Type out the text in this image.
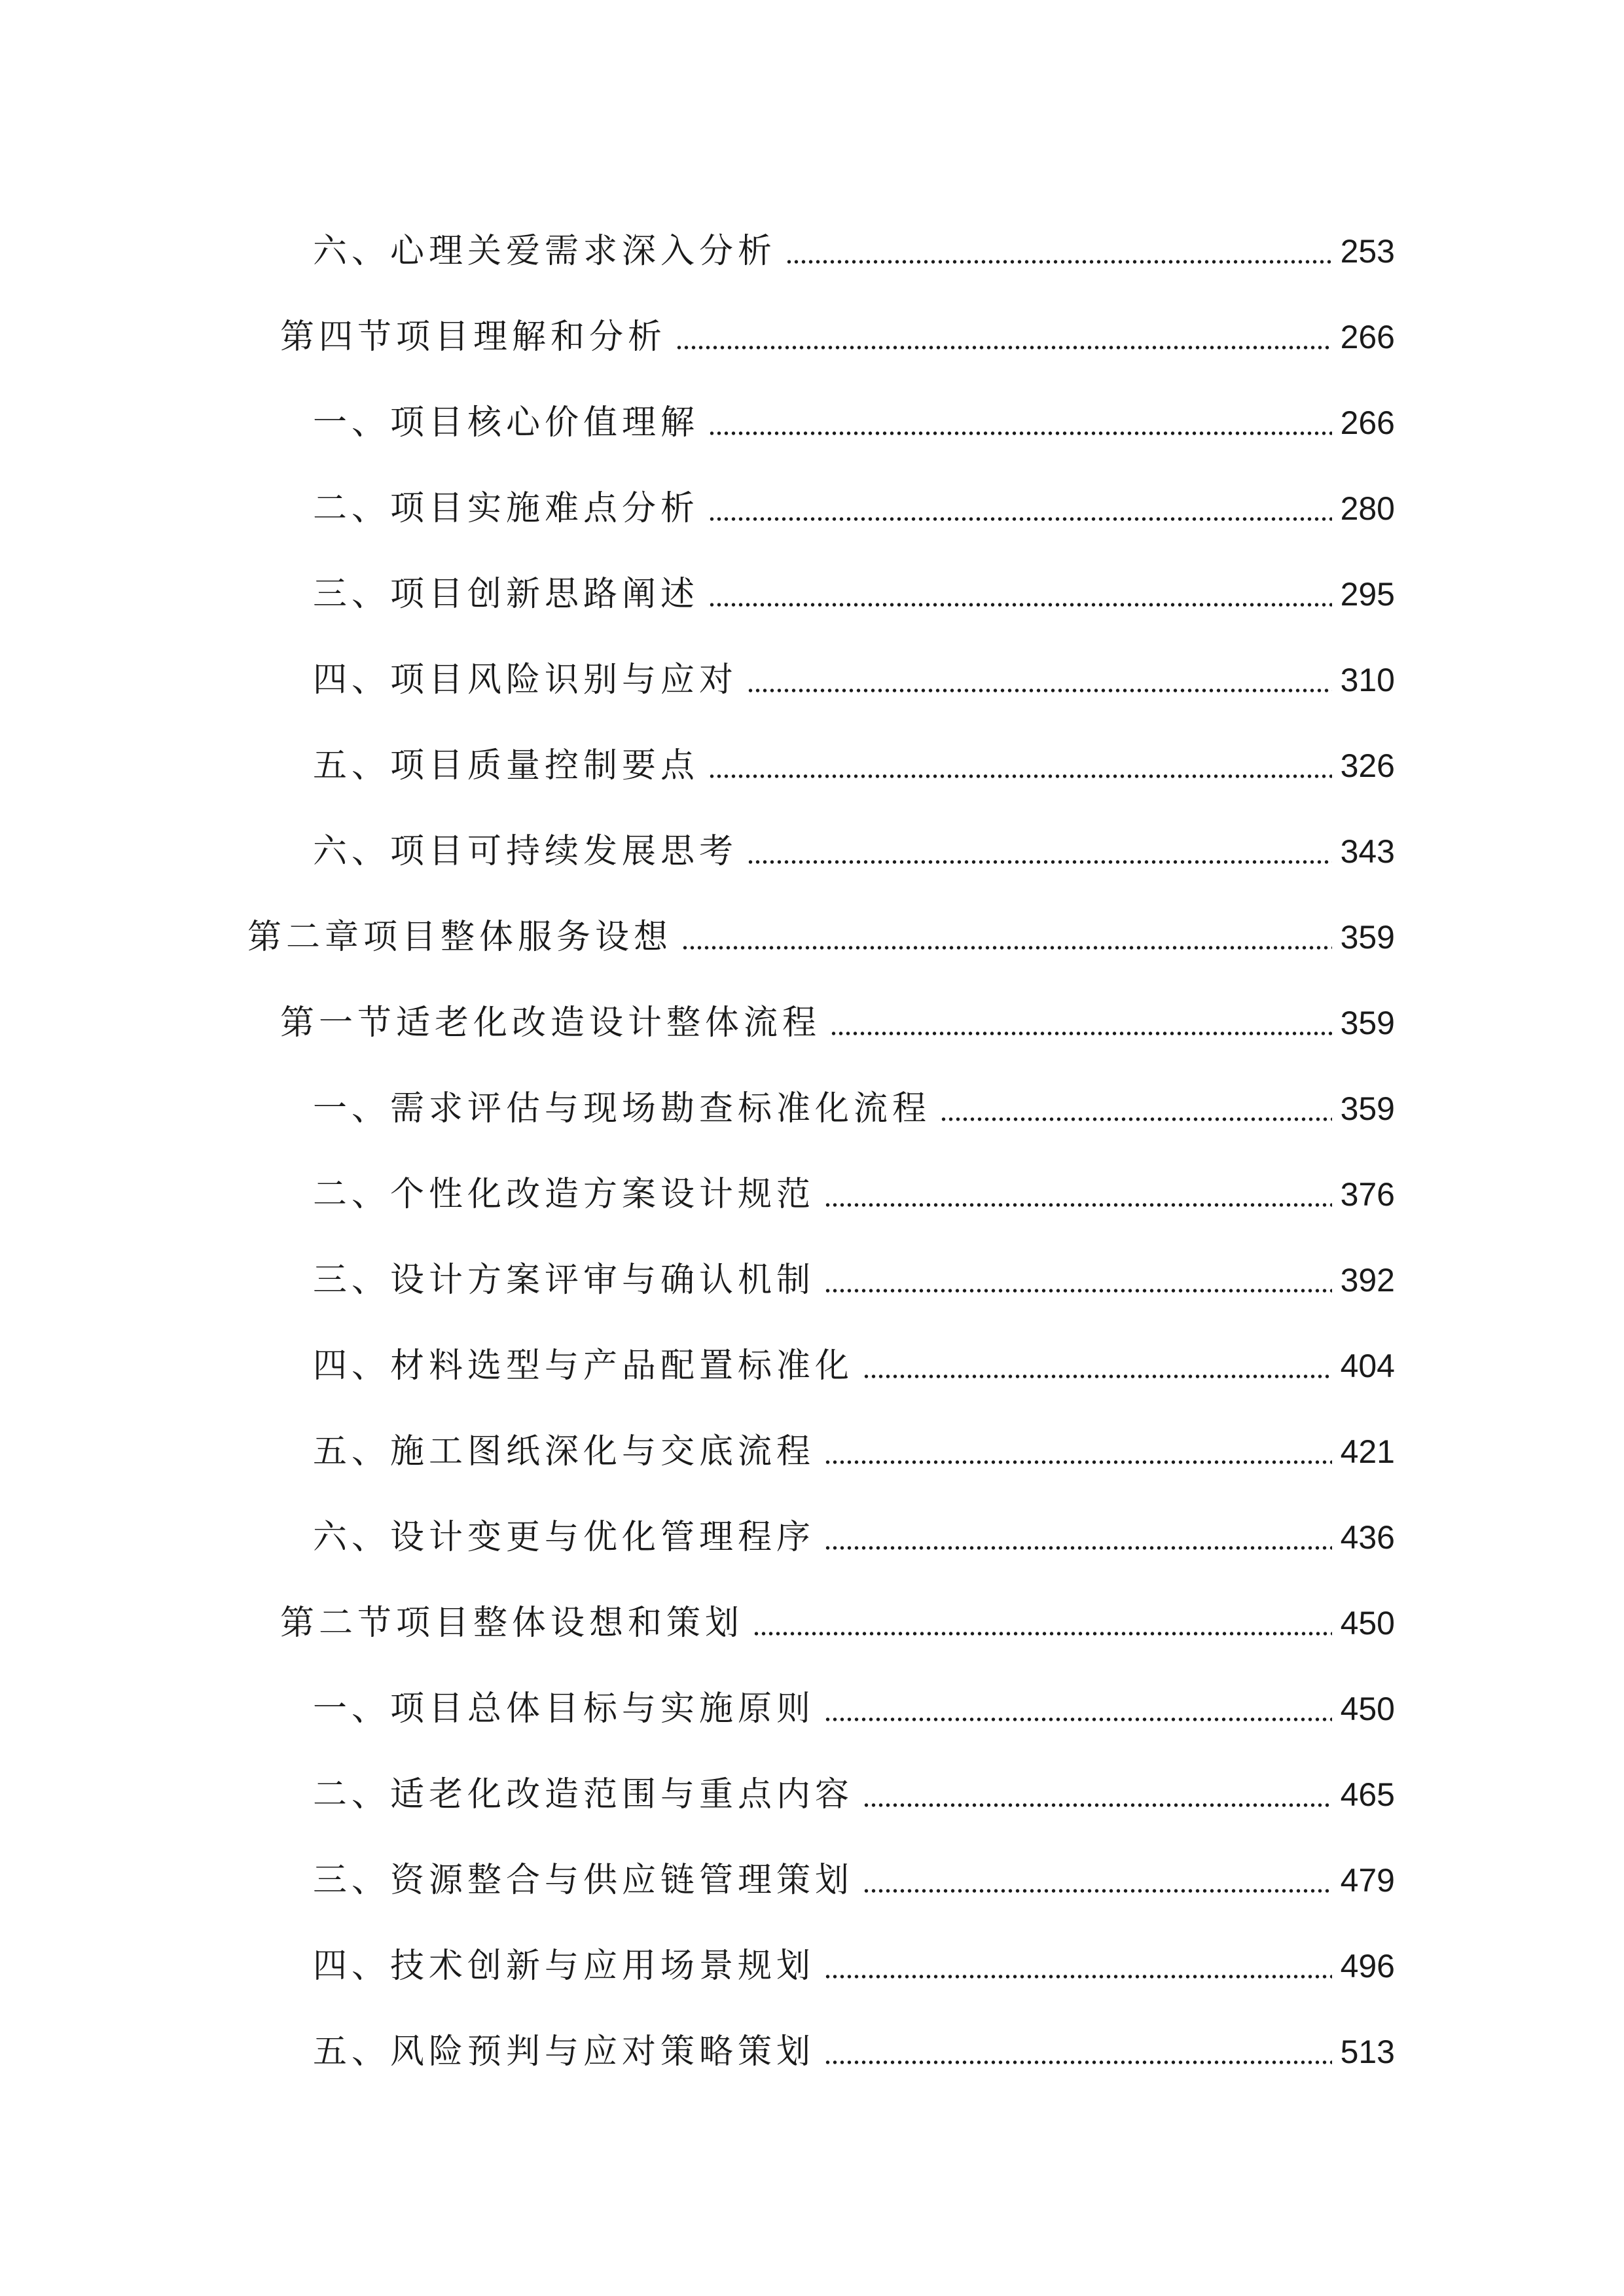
六、心理关爱需求深入分析	253
第四节项目理解和分析	266
一、项目核心价值理解	266
二、项目实施难点分析	280
三、项目创新思路阐述	295
四、项目风险识别与应对	310
五、项目质量控制要点	326
六、项目可持续发展思考	343
第二章项目整体服务设想	359
第一节适老化改造设计整体流程	359
一、需求评估与现场勘查标准化流程	359
二、个性化改造方案设计规范	376
三、设计方案评审与确认机制	392
四、材料选型与产品配置标准化	404
五、施工图纸深化与交底流程	421
六、设计变更与优化管理程序	436
第二节项目整体设想和策划	450
一、项目总体目标与实施原则	450
二、适老化改造范围与重点内容	465
三、资源整合与供应链管理策划	479
四、技术创新与应用场景规划	496
五、风险预判与应对策略策划	513
